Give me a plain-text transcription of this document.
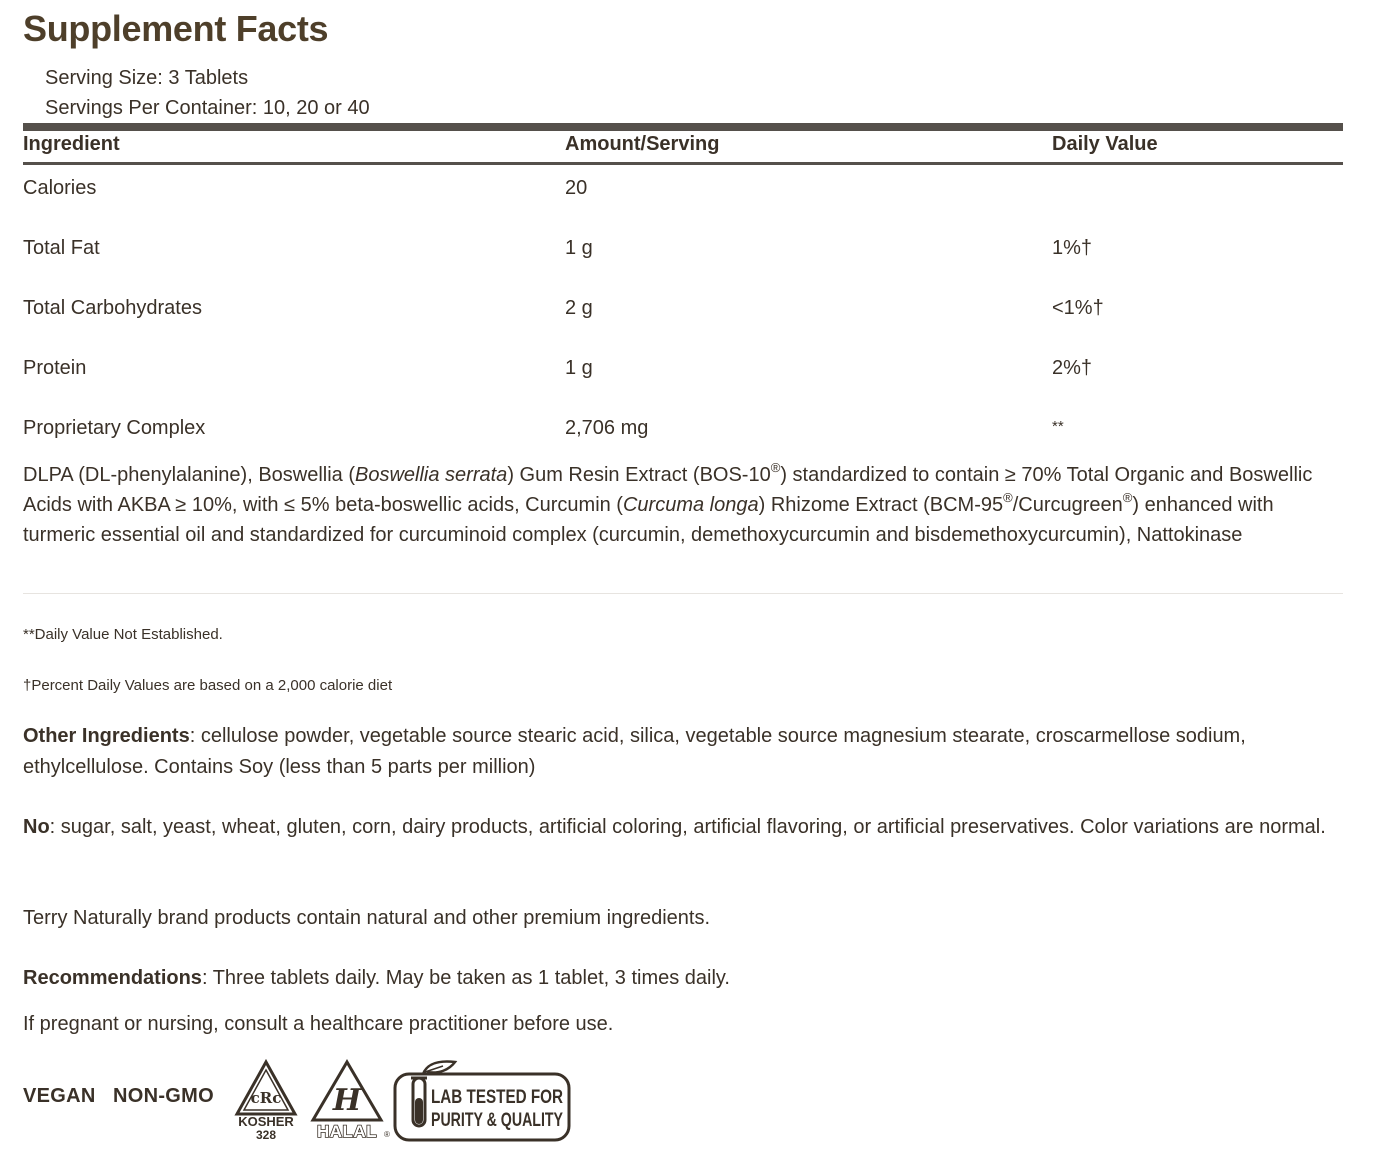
Supplement Facts
Serving Size: 3 Tablets
Servings Per Container: 10, 20 or 40
Ingredient	Amount/Serving	Daily Value
Calories	20
Total Fat	1 g	1%†
Total Carbohydrates	2 g	<1%†
Protein	1 g	2%†
Proprietary Complex	2,706 mg	**
DLPA (DL-phenylalanine), Boswellia (Boswellia serrata) Gum Resin Extract (BOS-10®) standardized to contain ≥ 70% Total Organic and Boswellic Acids with AKBA ≥ 10%, with ≤ 5% beta-boswellic acids, Curcumin (Curcuma longa) Rhizome Extract (BCM-95®/Curcugreen®) enhanced with turmeric essential oil and standardized for curcuminoid complex (curcumin, demethoxycurcumin and bisdemethoxycurcumin), Nattokinase
**Daily Value Not Established.
†Percent Daily Values are based on a 2,000 calorie diet
Other Ingredients: cellulose powder, vegetable source stearic acid, silica, vegetable source magnesium stearate, croscarmellose sodium, ethylcellulose. Contains Soy (less than 5 parts per million)
No: sugar, salt, yeast, wheat, gluten, corn, dairy products, artificial coloring, artificial flavoring, or artificial preservatives. Color variations are normal.
Terry Naturally brand products contain natural and other premium ingredients.
Recommendations: Three tablets daily. May be taken as 1 tablet, 3 times daily.
If pregnant or nursing, consult a healthcare practitioner before use.
VEGAN NON-GMO cRc
KOSHER
328
H
HALAL ®
LAB TESTED FOR
PURITY & QUALITY
